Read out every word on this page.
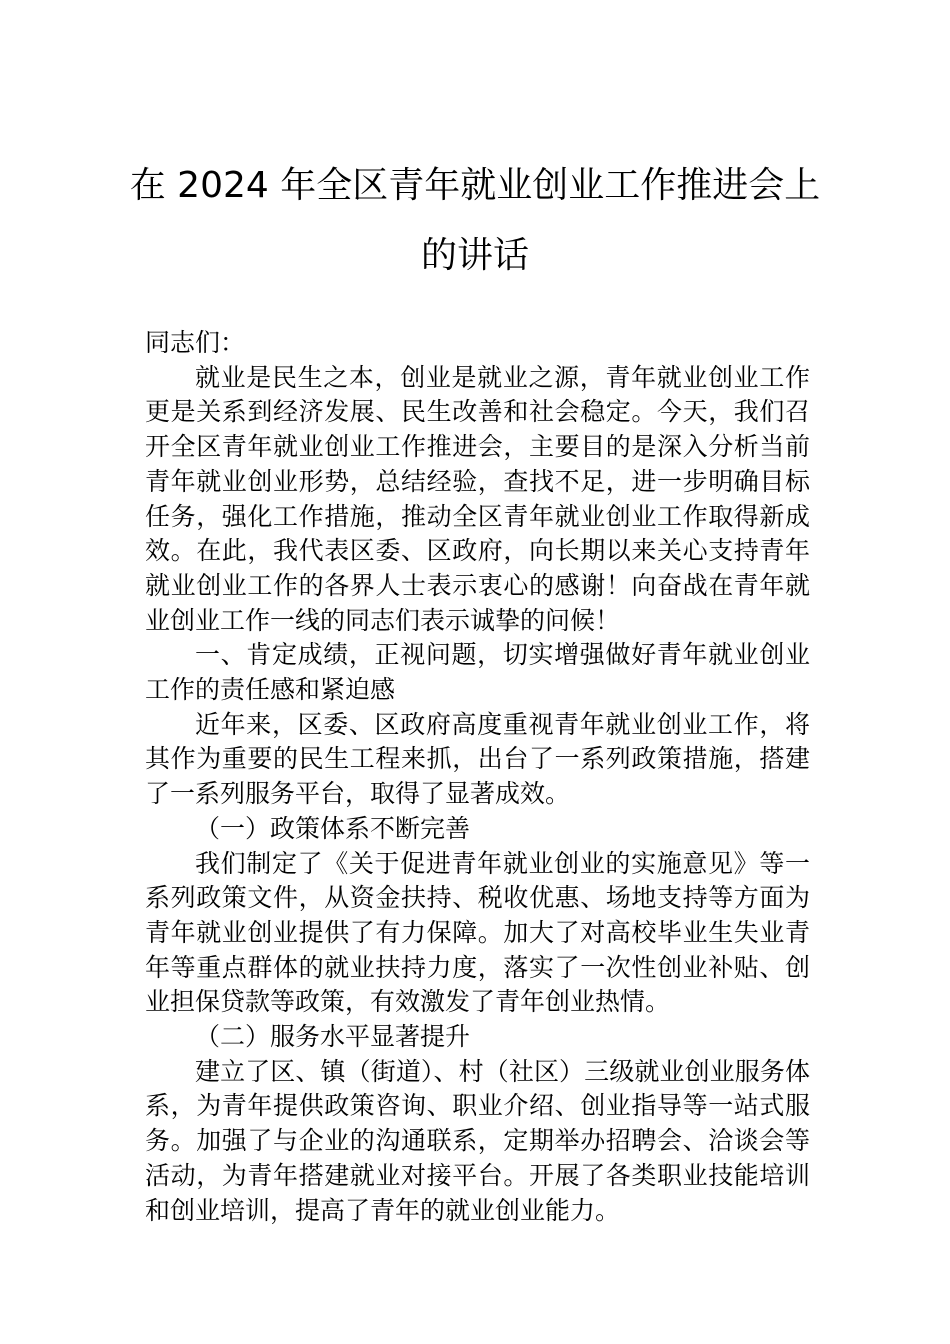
在 2024 年全区青年就业创业工作推进会上
的讲话

同志们：

就业是民生之本，创业是就业之源，青年就业创业工作更是关系到经济发展、民生改善和社会稳定。今天，我们召开全区青年就业创业工作推进会，主要目的是深入分析当前青年就业创业形势，总结经验，查找不足，进一步明确目标任务，强化工作措施，推动全区青年就业创业工作取得新成效。在此，我代表区委、区政府，向长期以来关心支持青年就业创业工作的各界人士表示衷心的感谢！向奋战在青年就业创业工作一线的同志们表示诚挚的问候！

一、肯定成绩，正视问题，切实增强做好青年就业创业工作的责任感和紧迫感

近年来，区委、区政府高度重视青年就业创业工作，将其作为重要的民生工程来抓，出台了一系列政策措施，搭建了一系列服务平台，取得了显著成效。

（一）政策体系不断完善

我们制定了《关于促进青年就业创业的实施意见》等一系列政策文件，从资金扶持、税收优惠、场地支持等方面为青年就业创业提供了有力保障。加大了对高校毕业生失业青年等重点群体的就业扶持力度，落实了一次性创业补贴、创业担保贷款等政策，有效激发了青年创业热情。

（二）服务水平显著提升

建立了区、镇（街道）、村（社区）三级就业创业服务体系，为青年提供政策咨询、职业介绍、创业指导等一站式服务。加强了与企业的沟通联系，定期举办招聘会、洽谈会等活动，为青年搭建就业对接平台。开展了各类职业技能培训和创业培训，提高了青年的就业创业能力。
